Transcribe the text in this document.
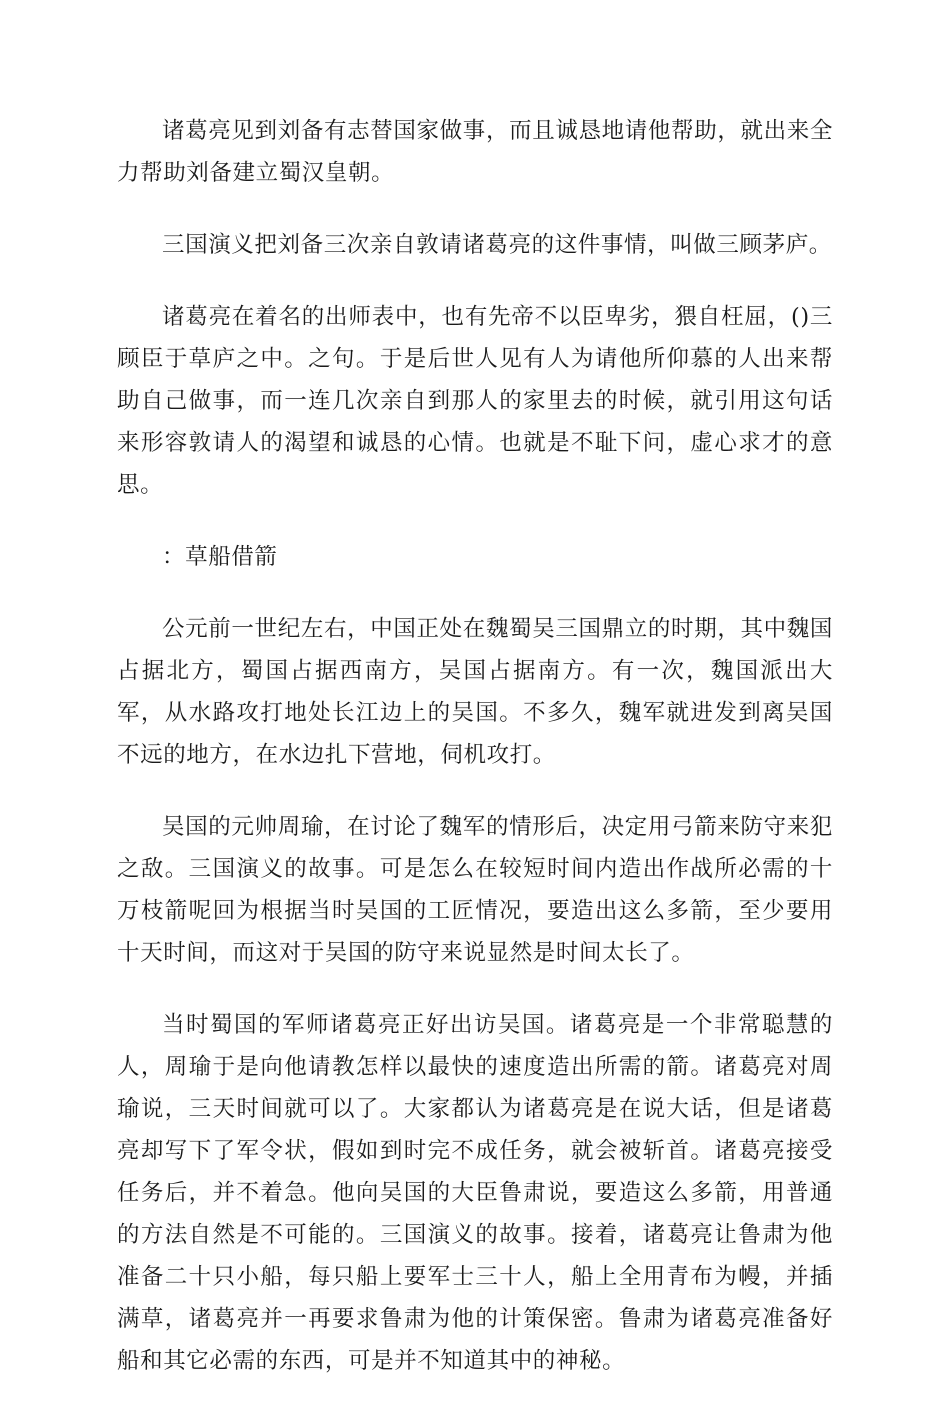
诸葛亮见到刘备有志替国家做事，而且诚恳地请他帮助，就出来全力帮助刘备建立蜀汉皇朝。

三国演义把刘备三次亲自敦请诸葛亮的这件事情，叫做三顾茅庐。

诸葛亮在着名的出师表中，也有先帝不以臣卑劣，猥自枉屈，()三顾臣于草庐之中。之句。于是后世人见有人为请他所仰慕的人出来帮助自己做事，而一连几次亲自到那人的家里去的时候，就引用这句话来形容敦请人的渴望和诚恳的心情。也就是不耻下问，虚心求才的意思。

：草船借箭

公元前一世纪左右，中国正处在魏蜀吴三国鼎立的时期，其中魏国占据北方，蜀国占据西南方，吴国占据南方。有一次，魏国派出大军，从水路攻打地处长江边上的吴国。不多久，魏军就进发到离吴国不远的地方，在水边扎下营地，伺机攻打。

吴国的元帅周瑜，在讨论了魏军的情形后，决定用弓箭来防守来犯之敌。三国演义的故事。可是怎么在较短时间内造出作战所必需的十万枝箭呢回为根据当时吴国的工匠情况，要造出这么多箭，至少要用十天时间，而这对于吴国的防守来说显然是时间太长了。

当时蜀国的军师诸葛亮正好出访吴国。诸葛亮是一个非常聪慧的人，周瑜于是向他请教怎样以最快的速度造出所需的箭。诸葛亮对周瑜说，三天时间就可以了。大家都认为诸葛亮是在说大话，但是诸葛亮却写下了军令状，假如到时完不成任务，就会被斩首。诸葛亮接受任务后，并不着急。他向吴国的大臣鲁肃说，要造这么多箭，用普通的方法自然是不可能的。三国演义的故事。接着，诸葛亮让鲁肃为他准备二十只小船，每只船上要军士三十人，船上全用青布为幔，并插满草，诸葛亮并一再要求鲁肃为他的计策保密。鲁肃为诸葛亮准备好船和其它必需的东西，可是并不知道其中的神秘。
